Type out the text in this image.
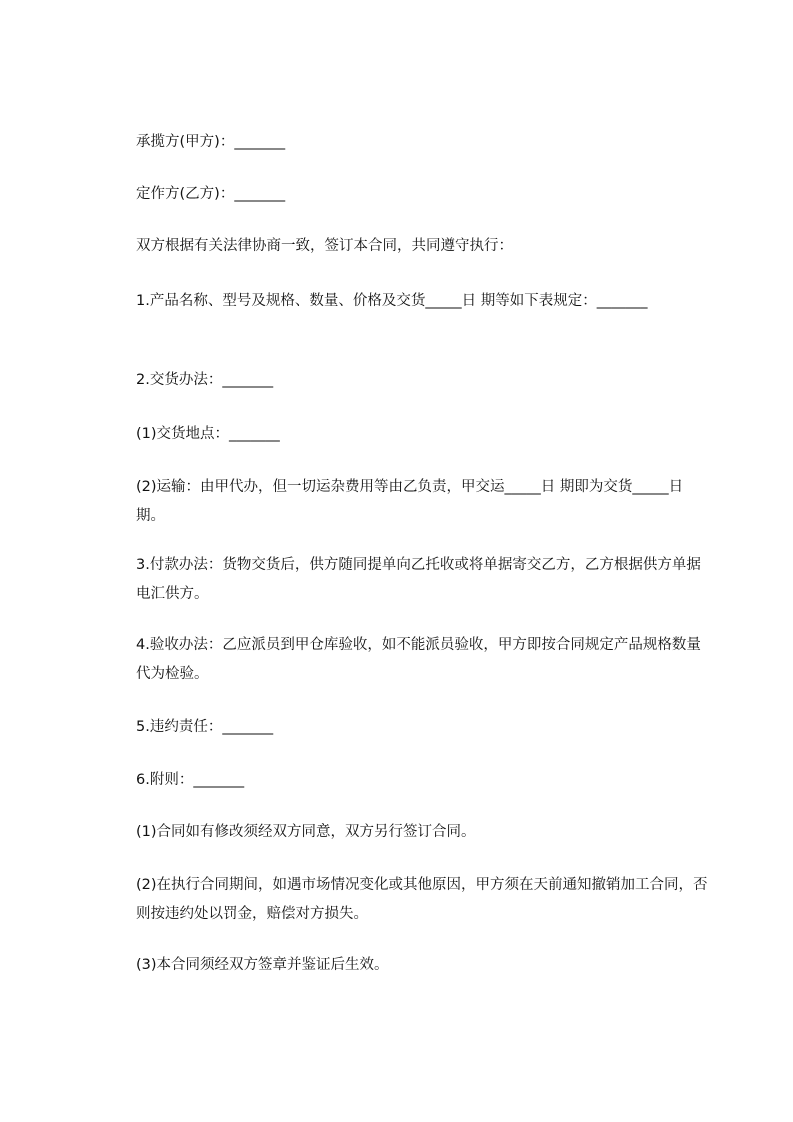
承揽方(甲方)：_______

定作方(乙方)：_______

双方根据有关法律协商一致，签订本合同，共同遵守执行：

1.产品名称、型号及规格、数量、价格及交货_____日 期等如下表规定：_______

2.交货办法：_______

(1)交货地点：_______

(2)运输：由甲代办，但一切运杂费用等由乙负责，甲交运_____日 期即为交货_____日 期。

3.付款办法：货物交货后，供方随同提单向乙托收或将单据寄交乙方，乙方根据供方单据电汇供方。

4.验收办法：乙应派员到甲仓库验收，如不能派员验收，甲方即按合同规定产品规格数量代为检验。

5.违约责任：_______

6.附则：_______

(1)合同如有修改须经双方同意，双方另行签订合同。

(2)在执行合同期间，如遇市场情况变化或其他原因，甲方须在天前通知撤销加工合同，否则按违约处以罚金，赔偿对方损失。

(3)本合同须经双方签章并鉴证后生效。
